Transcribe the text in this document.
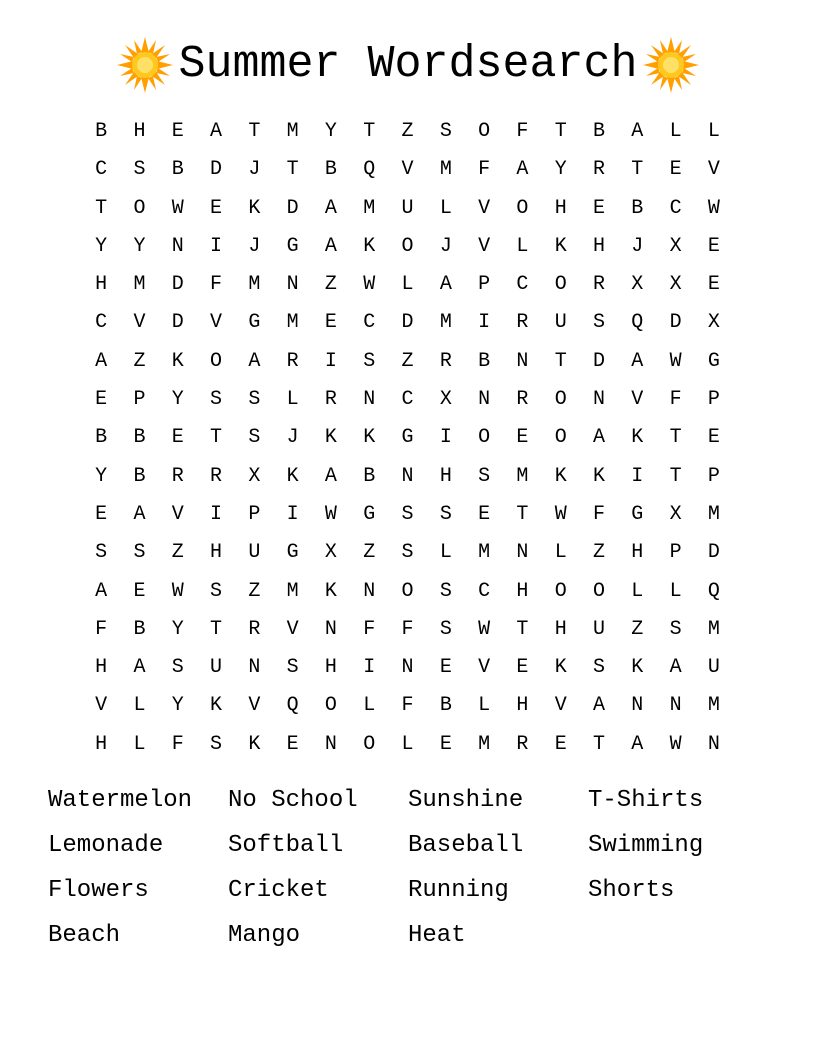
Summer Wordsearch
B	H	E	A	T	M	Y	T	Z	S	O	F	T	B	A	L	L
C	S	B	D	J	T	B	Q	V	M	F	A	Y	R	T	E	V
T	O	W	E	K	D	A	M	U	L	V	O	H	E	B	C	W
Y	Y	N	I	J	G	A	K	O	J	V	L	K	H	J	X	E
H	M	D	F	M	N	Z	W	L	A	P	C	O	R	X	X	E
C	V	D	V	G	M	E	C	D	M	I	R	U	S	Q	D	X
A	Z	K	O	A	R	I	S	Z	R	B	N	T	D	A	W	G
E	P	Y	S	S	L	R	N	C	X	N	R	O	N	V	F	P
B	B	E	T	S	J	K	K	G	I	O	E	O	A	K	T	E
Y	B	R	R	X	K	A	B	N	H	S	M	K	K	I	T	P
E	A	V	I	P	I	W	G	S	S	E	T	W	F	G	X	M
S	S	Z	H	U	G	X	Z	S	L	M	N	L	Z	H	P	D
A	E	W	S	Z	M	K	N	O	S	C	H	O	O	L	L	Q
F	B	Y	T	R	V	N	F	F	S	W	T	H	U	Z	S	M
H	A	S	U	N	S	H	I	N	E	V	E	K	S	K	A	U
V	L	Y	K	V	Q	O	L	F	B	L	H	V	A	N	N	M
H	L	F	S	K	E	N	O	L	E	M	R	E	T	A	W	N
Watermelon	No School	Sunshine	T-Shirts
Lemonade	Softball	Baseball	Swimming
Flowers	Cricket	Running	Shorts
Beach	Mango	Heat
